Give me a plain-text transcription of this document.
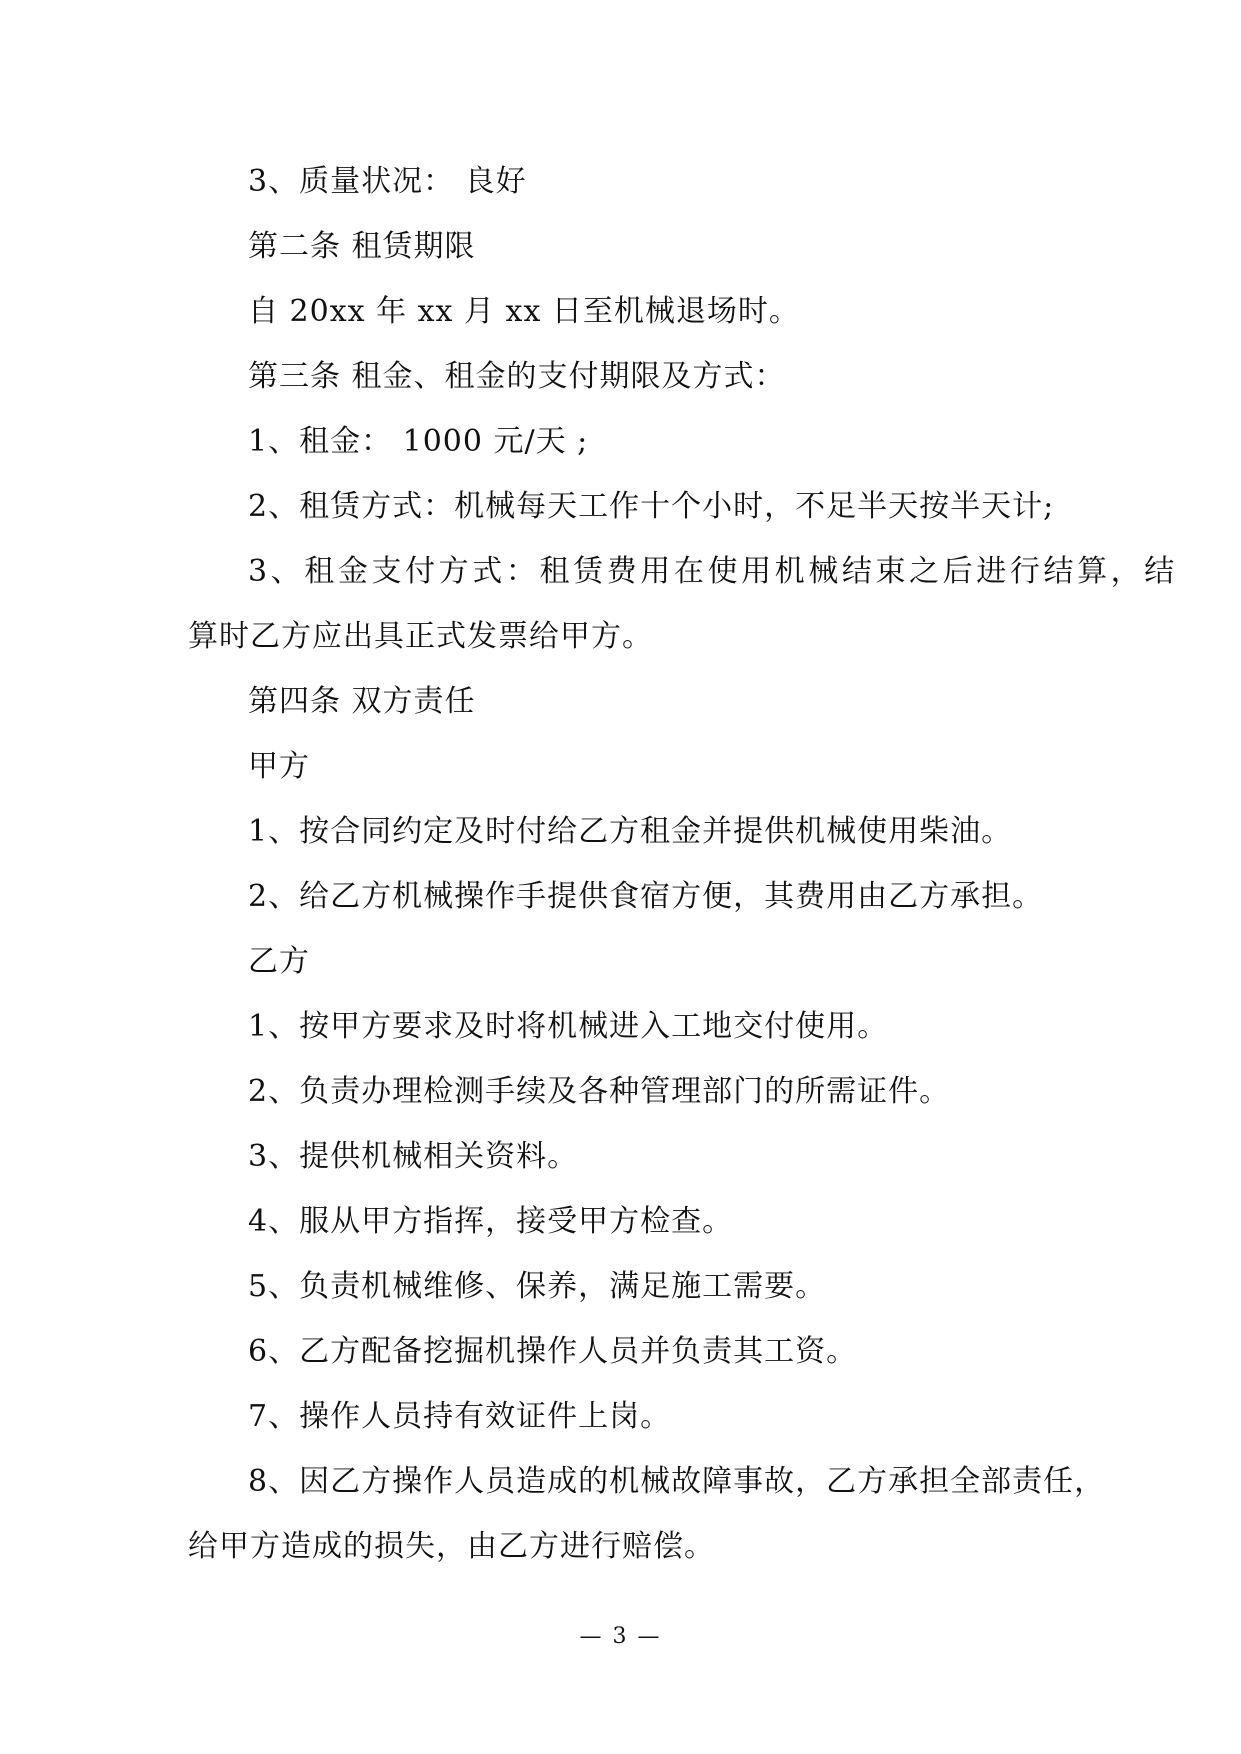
3、质量状况： 良好
第二条 租赁期限
自 20xx 年 xx 月 xx 日至机械退场时。
第三条 租金、租金的支付期限及方式：
1、租金： 1000 元/天 ;
2、租赁方式：机械每天工作十个小时，不足半天按半天计;
3、租金支付方式：租赁费用在使用机械结束之后进行结算，结
算时乙方应出具正式发票给甲方。
第四条 双方责任
甲方
1、按合同约定及时付给乙方租金并提供机械使用柴油。
2、给乙方机械操作手提供食宿方便，其费用由乙方承担。
乙方
1、按甲方要求及时将机械进入工地交付使用。
2、负责办理检测手续及各种管理部门的所需证件。
3、提供机械相关资料。
4、服从甲方指挥，接受甲方检查。
5、负责机械维修、保养，满足施工需要。
6、乙方配备挖掘机操作人员并负责其工资。
7、操作人员持有效证件上岗。
8、因乙方操作人员造成的机械故障事故，乙方承担全部责任，
给甲方造成的损失，由乙方进行赔偿。
— 3 —
